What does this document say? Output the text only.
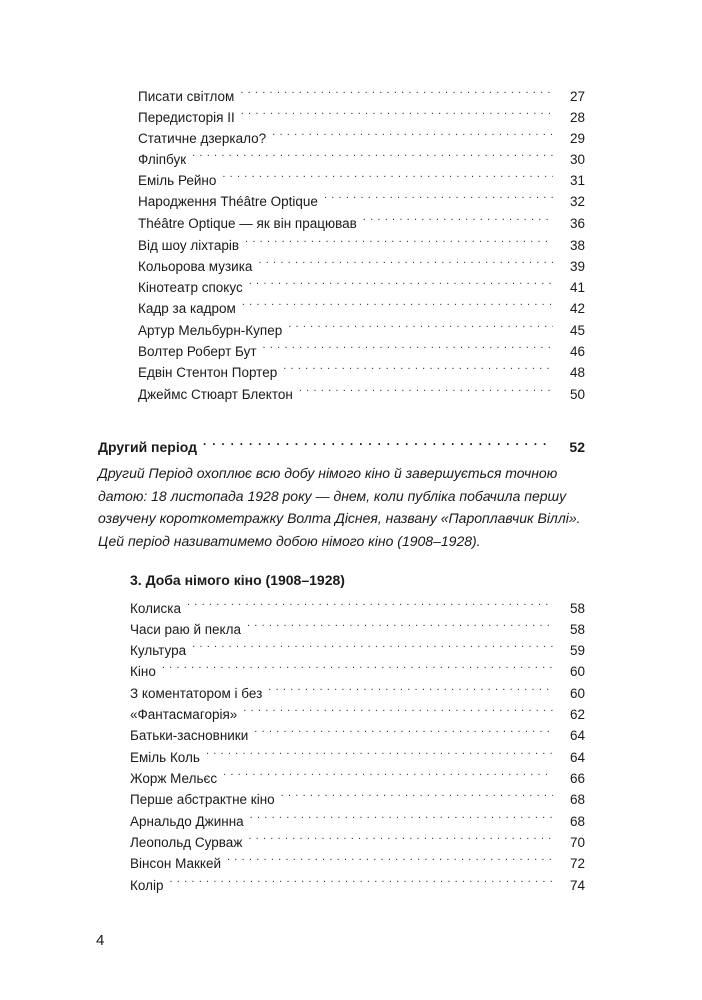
Писати світлом . . .	27
Передисторія II . . .	28
Статичне дзеркало? . . .	29
Фліпбук . . .	30
Еміль Рейно . . .	31
Народження Théâtre Optique . . .	32
Théâtre Optique — як він працював . . .	36
Від шоу ліхтарів . . .	38
Кольорова музика . . .	39
Кінотеатр спокус . . .	41
Кадр за кадром . . .	42
Артур Мельбурн-Купер . . .	45
Волтер Роберт Бут . . .	46
Едвін Стентон Портер . . .	48
Джеймс Стюарт Блектон . . .	50
Другий період . . .	52

Другий Період охоплює всю добу німого кіно й завершується точною датою: 18 листопада 1928 року — днем, коли публіка побачила першу озвучену короткометражку Волта Діснея, названу «Пароплавчик Віллі». Цей період називатимемо добою німого кіно (1908–1928).

3. Доба німого кіно (1908–1928)
Колиска . . .	58
Часи раю й пекла . . .	58
Культура . . .	59
Кіно . . .	60
З коментатором і без . . .	60
«Фантасмагорія» . . .	62
Батьки-засновники . . .	64
Еміль Коль . . .	64
Жорж Мельєс . . .	66
Перше абстрактне кіно . . .	68
Арнальдо Джинна . . .	68
Леопольд Сурваж . . .	70
Вінсон Маккей . . .	72
Колір . . .	74
4
